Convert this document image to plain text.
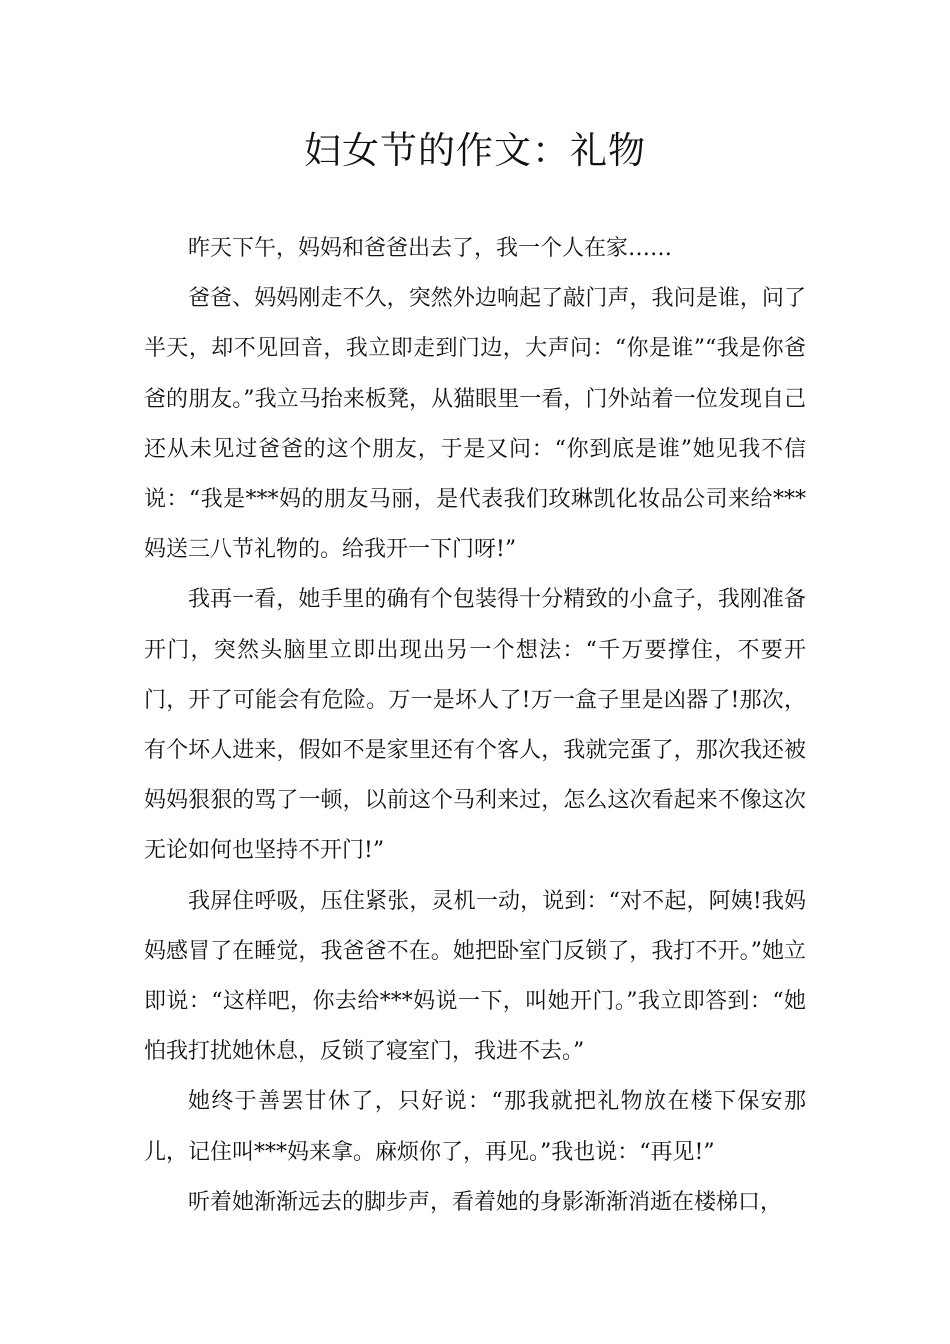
妇女节的作文：礼物

昨天下午，妈妈和爸爸出去了，我一个人在家……

爸爸、妈妈刚走不久，突然外边响起了敲门声，我问是谁，问了半天，却不见回音，我立即走到门边，大声问：“你是谁”“我是你爸爸的朋友。”我立马抬来板凳，从猫眼里一看，门外站着一位发现自己还从未见过爸爸的这个朋友，于是又问：“你到底是谁”她见我不信说：“我是***妈的朋友马丽，是代表我们玫琳凯化妆品公司来给***妈送三八节礼物的。给我开一下门呀!”

我再一看，她手里的确有个包装得十分精致的小盒子，我刚准备开门，突然头脑里立即出现出另一个想法：“千万要撑住，不要开门，开了可能会有危险。万一是坏人了!万一盒子里是凶器了!那次，有个坏人进来，假如不是家里还有个客人，我就完蛋了，那次我还被妈妈狠狠的骂了一顿，以前这个马利来过，怎么这次看起来不像这次无论如何也坚持不开门!”

我屏住呼吸，压住紧张，灵机一动，说到：“对不起，阿姨!我妈妈感冒了在睡觉，我爸爸不在。她把卧室门反锁了，我打不开。”她立即说：“这样吧，你去给***妈说一下，叫她开门。”我立即答到：“她怕我打扰她休息，反锁了寝室门，我进不去。”

她终于善罢甘休了，只好说：“那我就把礼物放在楼下保安那儿，记住叫***妈来拿。麻烦你了，再见。”我也说：“再见!”

听着她渐渐远去的脚步声，看着她的身影渐渐消逝在楼梯口，
